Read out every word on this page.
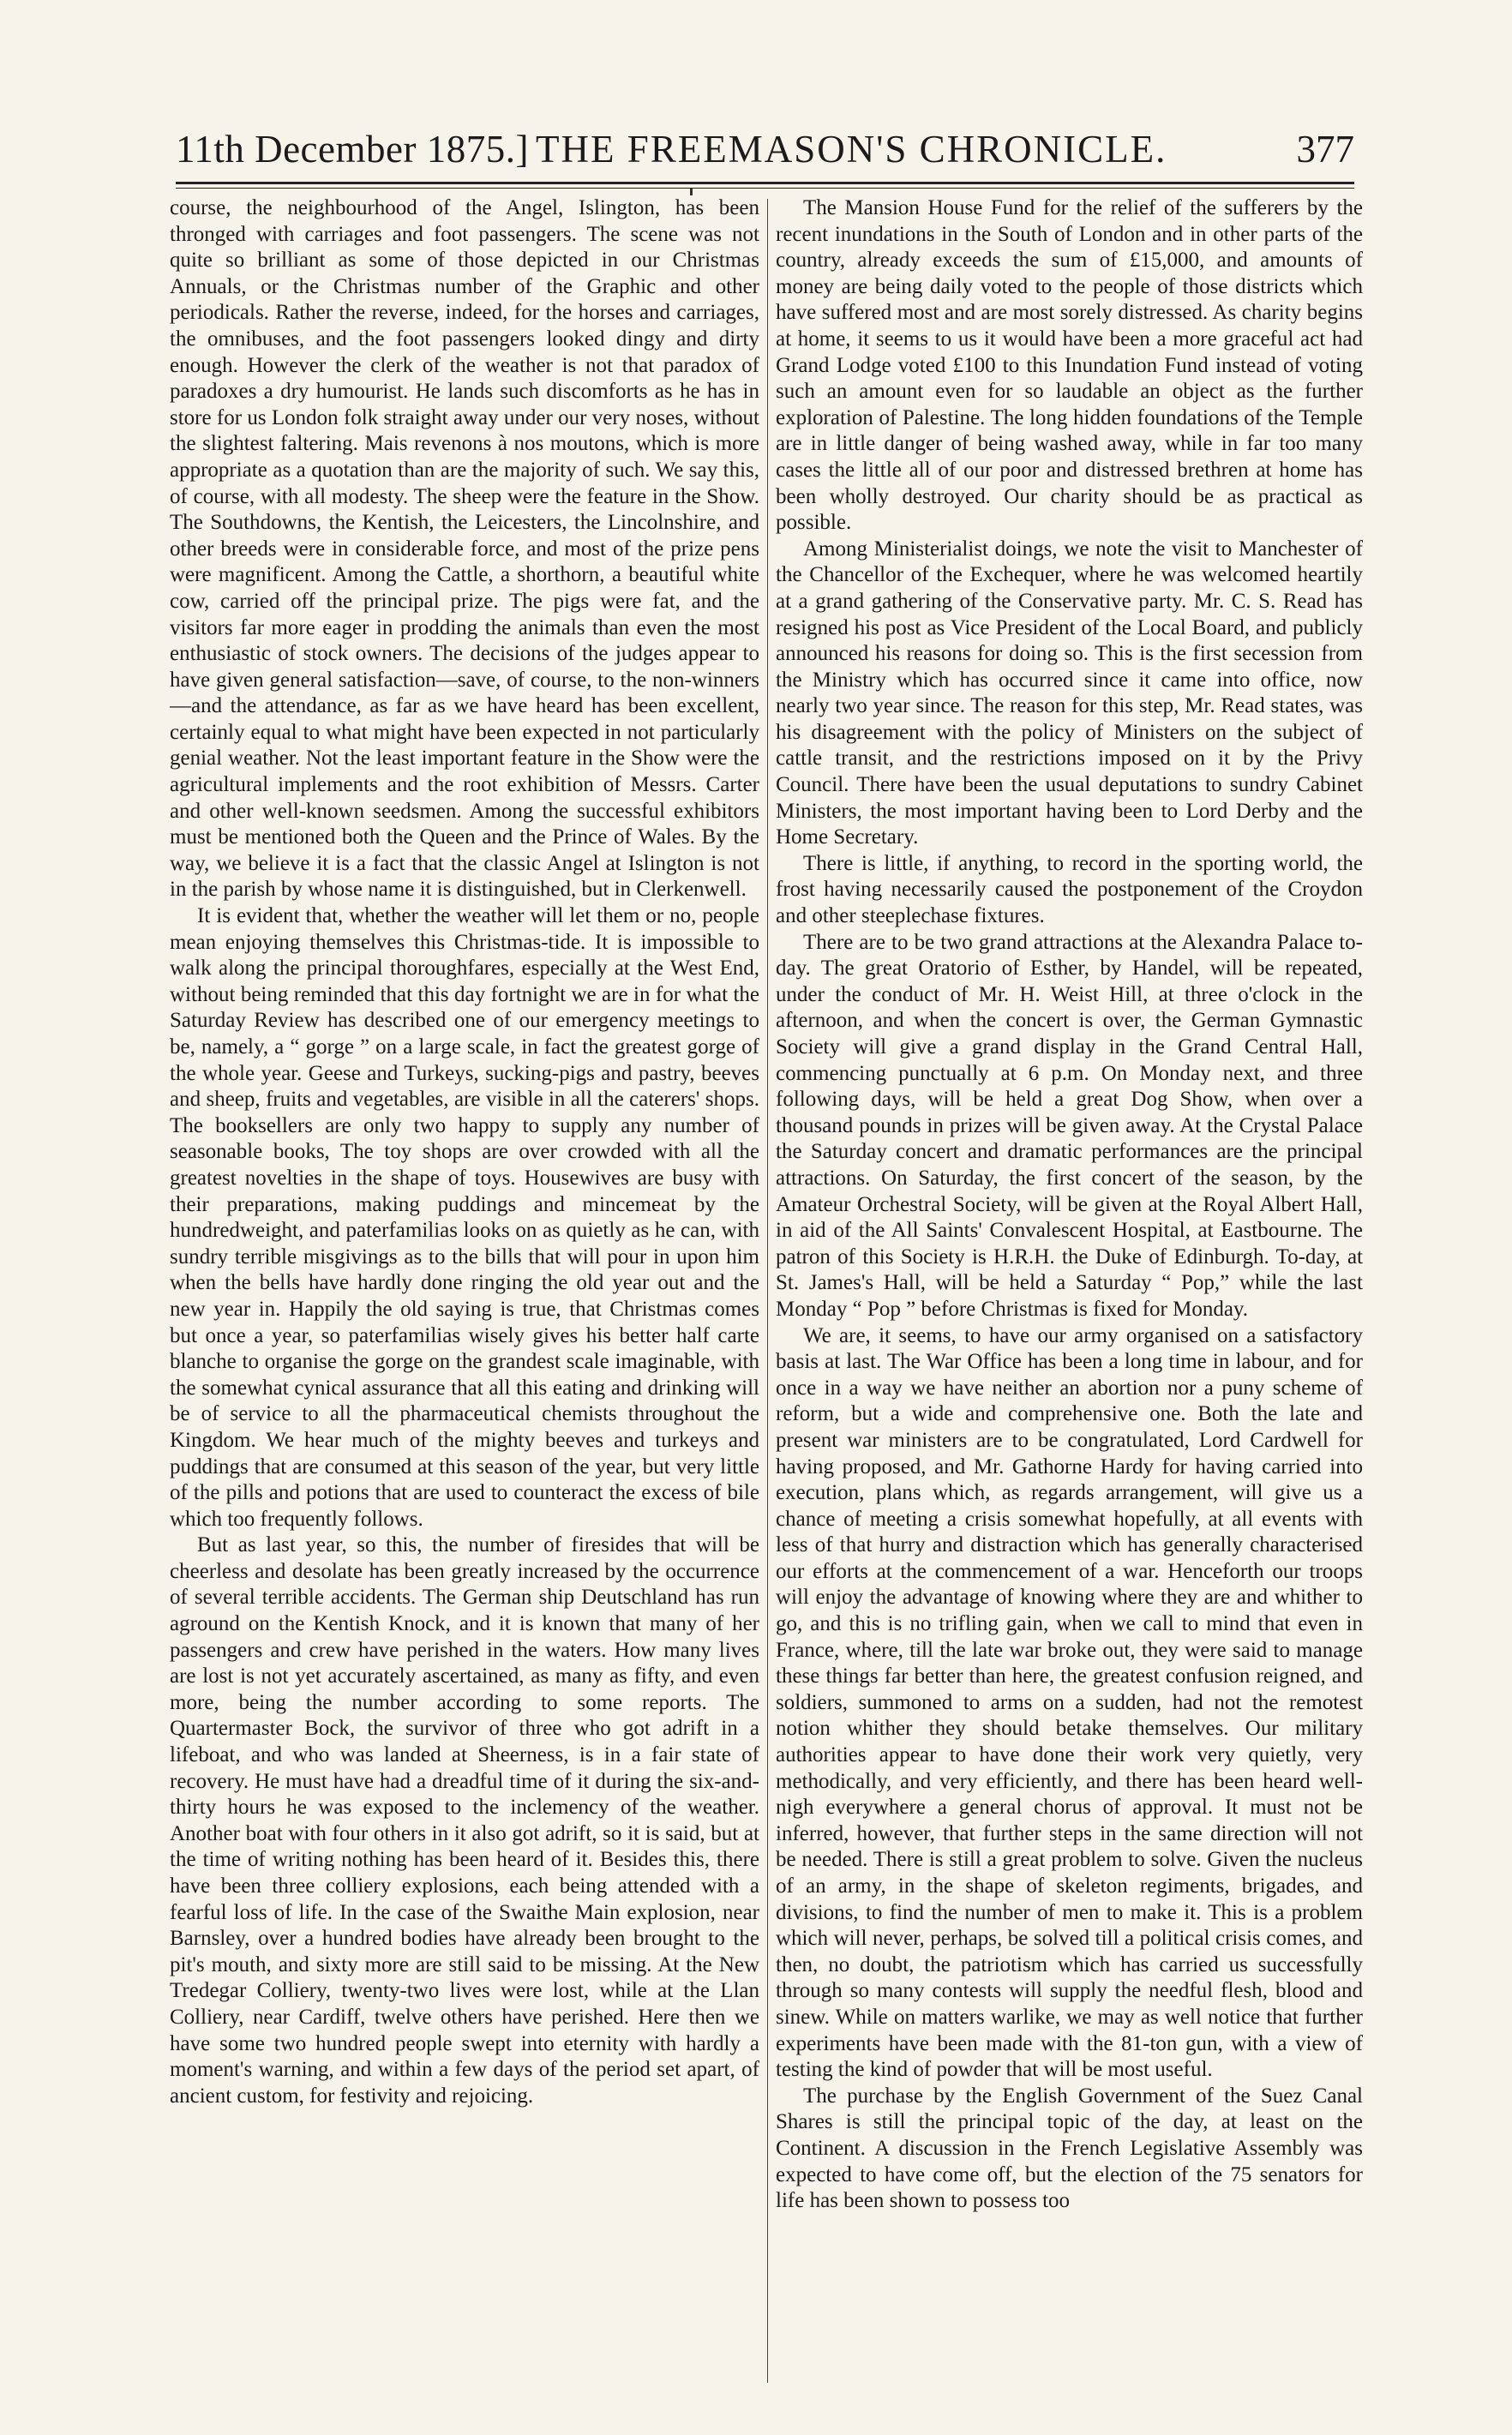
11th December 1875.] THE FREEMASON'S CHRONICLE.	377

course, the neighbourhood of the Angel, Islington, has been thronged with carriages and foot passengers. The scene was not quite so brilliant as some of those depicted in our Christmas Annuals, or the Christmas number of the Graphic and other periodicals. Rather the reverse, indeed, for the horses and carriages, the omnibuses, and the foot passengers looked dingy and dirty enough. However the clerk of the weather is not that paradox of paradoxes a dry humourist. He lands such discomforts as he has in store for us London folk straight away under our very noses, without the slightest faltering. Mais revenons à nos moutons, which is more appropriate as a quotation than are the majority of such. We say this, of course, with all modesty. The sheep were the feature in the Show. The Southdowns, the Kentish, the Leicesters, the Lincolnshire, and other breeds were in considerable force, and most of the prize pens were magnificent. Among the Cattle, a shorthorn, a beautiful white cow, carried off the principal prize. The pigs were fat, and the visitors far more eager in prodding the animals than even the most enthusiastic of stock owners. The decisions of the judges appear to have given general satisfaction—save, of course, to the non-winners—and the attendance, as far as we have heard has been excellent, certainly equal to what might have been expected in not particularly genial weather. Not the least important feature in the Show were the agricultural implements and the root exhibition of Messrs. Carter and other well-known seedsmen. Among the successful exhibitors must be mentioned both the Queen and the Prince of Wales. By the way, we believe it is a fact that the classic Angel at Islington is not in the parish by whose name it is distinguished, but in Clerkenwell.

It is evident that, whether the weather will let them or no, people mean enjoying themselves this Christmas-tide. It is impossible to walk along the principal thoroughfares, especially at the West End, without being reminded that this day fortnight we are in for what the Saturday Review has described one of our emergency meetings to be, namely, a “ gorge ” on a large scale, in fact the greatest gorge of the whole year. Geese and Turkeys, sucking-pigs and pastry, beeves and sheep, fruits and vegetables, are visible in all the caterers' shops. The booksellers are only two happy to supply any number of seasonable books, The toy shops are over crowded with all the greatest novelties in the shape of toys. Housewives are busy with their preparations, making puddings and mincemeat by the hundredweight, and paterfamilias looks on as quietly as he can, with sundry terrible misgivings as to the bills that will pour in upon him when the bells have hardly done ringing the old year out and the new year in. Happily the old saying is true, that Christmas comes but once a year, so paterfamilias wisely gives his better half carte blanche to organise the gorge on the grandest scale imaginable, with the somewhat cynical assurance that all this eating and drinking will be of service to all the pharmaceutical chemists throughout the Kingdom. We hear much of the mighty beeves and turkeys and puddings that are consumed at this season of the year, but very little of the pills and potions that are used to counteract the excess of bile which too frequently follows.

But as last year, so this, the number of firesides that will be cheerless and desolate has been greatly increased by the occurrence of several terrible accidents. The German ship Deutschland has run aground on the Kentish Knock, and it is known that many of her passengers and crew have perished in the waters. How many lives are lost is not yet accurately ascertained, as many as fifty, and even more, being the number according to some reports. The Quartermaster Bock, the survivor of three who got adrift in a lifeboat, and who was landed at Sheerness, is in a fair state of recovery. He must have had a dreadful time of it during the six-and-thirty hours he was exposed to the inclemency of the weather. Another boat with four others in it also got adrift, so it is said, but at the time of writing nothing has been heard of it. Besides this, there have been three colliery explosions, each being attended with a fearful loss of life. In the case of the Swaithe Main explosion, near Barnsley, over a hundred bodies have already been brought to the pit's mouth, and sixty more are still said to be missing. At the New Tredegar Colliery, twenty-two lives were lost, while at the Llan Colliery, near Cardiff, twelve others have perished. Here then we have some two hundred people swept into eternity with hardly a moment's warning, and within a few days of the period set apart, of ancient custom, for festivity and rejoicing.

The Mansion House Fund for the relief of the sufferers by the recent inundations in the South of London and in other parts of the country, already exceeds the sum of £15,000, and amounts of money are being daily voted to the people of those districts which have suffered most and are most sorely distressed. As charity begins at home, it seems to us it would have been a more graceful act had Grand Lodge voted £100 to this Inundation Fund instead of voting such an amount even for so laudable an object as the further exploration of Palestine. The long hidden foundations of the Temple are in little danger of being washed away, while in far too many cases the little all of our poor and distressed brethren at home has been wholly destroyed. Our charity should be as practical as possible.

Among Ministerialist doings, we note the visit to Manchester of the Chancellor of the Exchequer, where he was welcomed heartily at a grand gathering of the Conservative party. Mr. C. S. Read has resigned his post as Vice President of the Local Board, and publicly announced his reasons for doing so. This is the first secession from the Ministry which has occurred since it came into office, now nearly two year since. The reason for this step, Mr. Read states, was his disagreement with the policy of Ministers on the subject of cattle transit, and the restrictions imposed on it by the Privy Council. There have been the usual deputations to sundry Cabinet Ministers, the most important having been to Lord Derby and the Home Secretary.

There is little, if anything, to record in the sporting world, the frost having necessarily caused the postponement of the Croydon and other steeplechase fixtures.

There are to be two grand attractions at the Alexandra Palace to-day. The great Oratorio of Esther, by Handel, will be repeated, under the conduct of Mr. H. Weist Hill, at three o'clock in the afternoon, and when the concert is over, the German Gymnastic Society will give a grand display in the Grand Central Hall, commencing punctually at 6 p.m. On Monday next, and three following days, will be held a great Dog Show, when over a thousand pounds in prizes will be given away. At the Crystal Palace the Saturday concert and dramatic performances are the principal attractions. On Saturday, the first concert of the season, by the Amateur Orchestral Society, will be given at the Royal Albert Hall, in aid of the All Saints' Convalescent Hospital, at Eastbourne. The patron of this Society is H.R.H. the Duke of Edinburgh. To-day, at St. James's Hall, will be held a Saturday “ Pop,” while the last Monday “ Pop ” before Christmas is fixed for Monday.

We are, it seems, to have our army organised on a satisfactory basis at last. The War Office has been a long time in labour, and for once in a way we have neither an abortion nor a puny scheme of reform, but a wide and comprehensive one. Both the late and present war ministers are to be congratulated, Lord Cardwell for having proposed, and Mr. Gathorne Hardy for having carried into execution, plans which, as regards arrangement, will give us a chance of meeting a crisis somewhat hopefully, at all events with less of that hurry and distraction which has generally characterised our efforts at the commencement of a war. Henceforth our troops will enjoy the advantage of knowing where they are and whither to go, and this is no trifling gain, when we call to mind that even in France, where, till the late war broke out, they were said to manage these things far better than here, the greatest confusion reigned, and soldiers, summoned to arms on a sudden, had not the remotest notion whither they should betake themselves. Our military authorities appear to have done their work very quietly, very methodically, and very efficiently, and there has been heard well-nigh everywhere a general chorus of approval. It must not be inferred, however, that further steps in the same direction will not be needed. There is still a great problem to solve. Given the nucleus of an army, in the shape of skeleton regiments, brigades, and divisions, to find the number of men to make it. This is a problem which will never, perhaps, be solved till a political crisis comes, and then, no doubt, the patriotism which has carried us successfully through so many contests will supply the needful flesh, blood and sinew. While on matters warlike, we may as well notice that further experiments have been made with the 81-ton gun, with a view of testing the kind of powder that will be most useful.

The purchase by the English Government of the Suez Canal Shares is still the principal topic of the day, at least on the Continent. A discussion in the French Legislative Assembly was expected to have come off, but the election of the 75 senators for life has been shown to possess too
